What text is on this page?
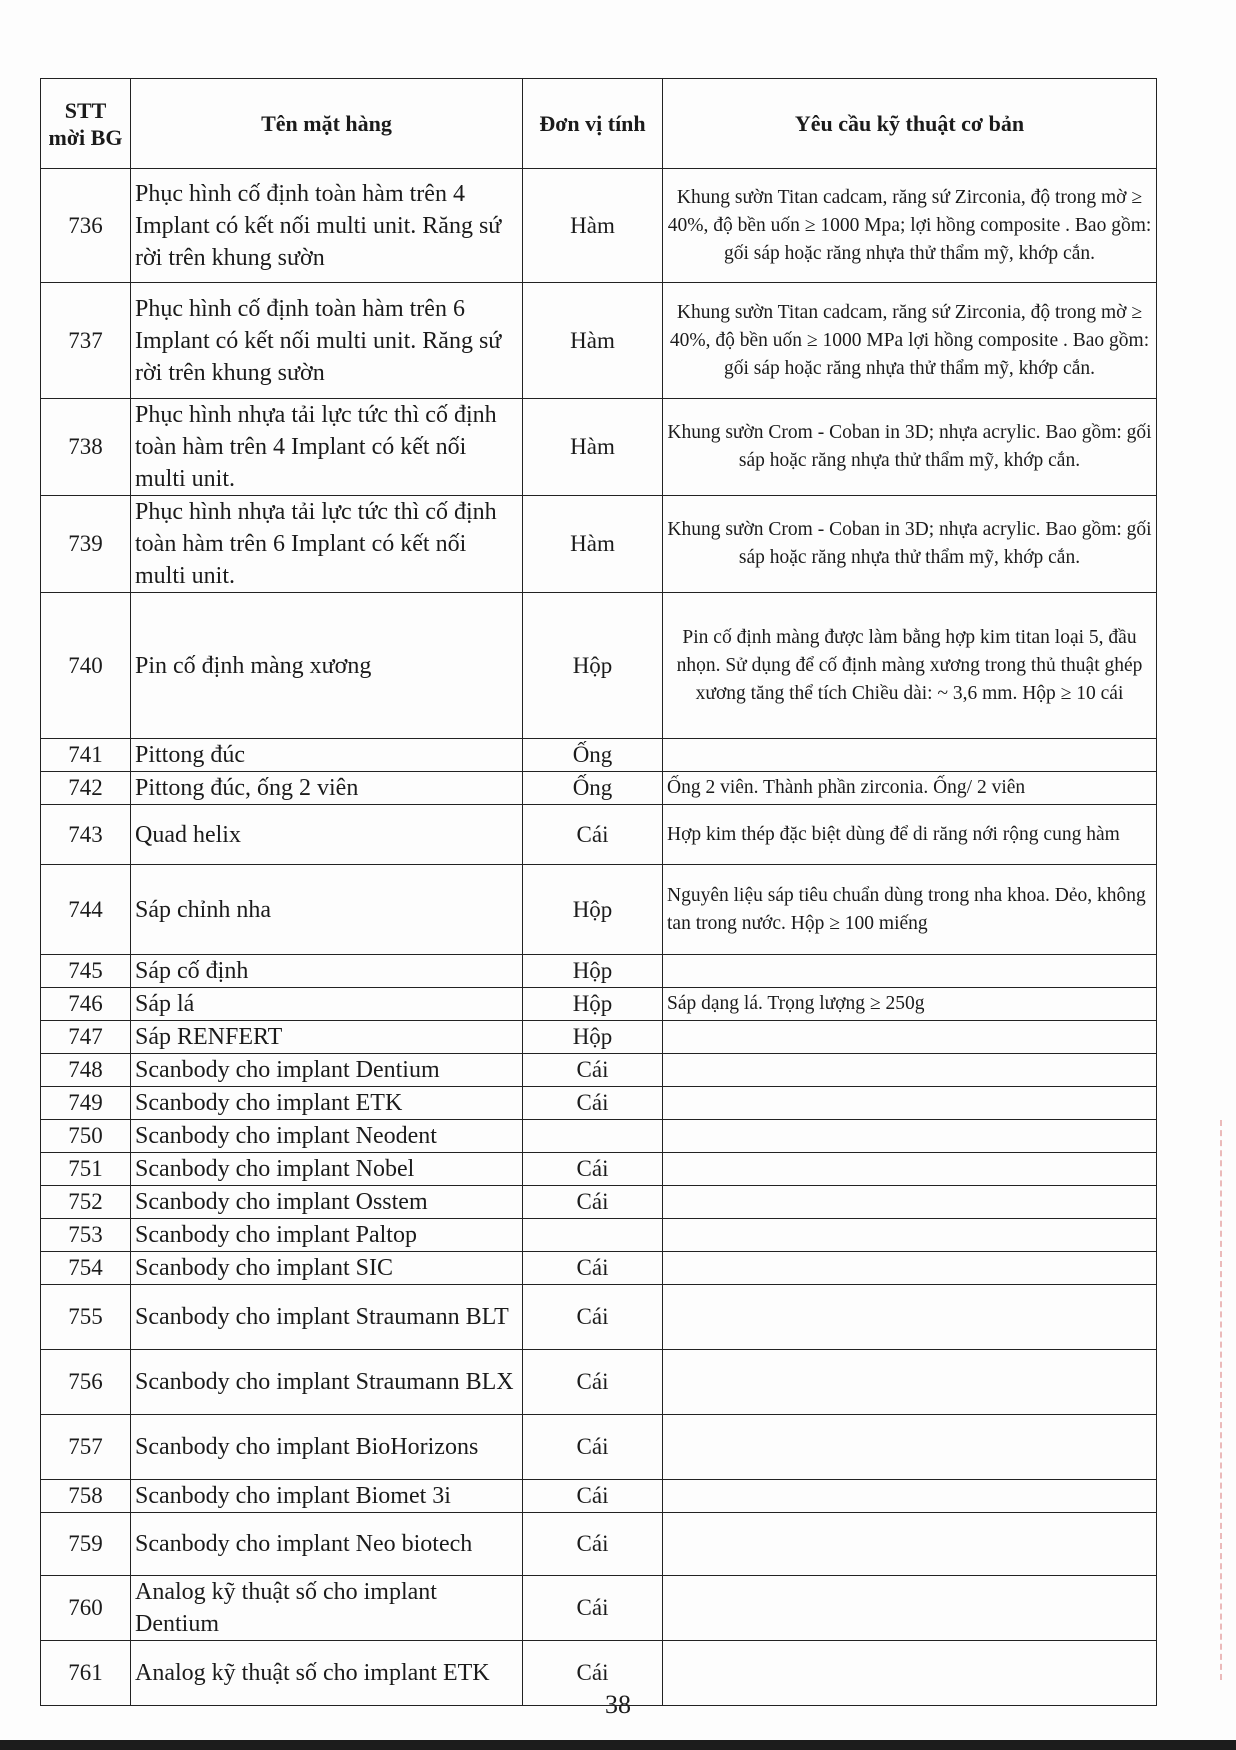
STT mời BG	Tên mặt hàng	Đơn vị tính	Yêu cầu kỹ thuật cơ bản
736	Phục hình cố định toàn hàm trên 4 Implant có kết nối multi unit. Răng sứ rời trên khung sườn	Hàm	Khung sườn Titan cadcam, răng sứ Zirconia, độ trong mờ ≥ 40%, độ bền uốn ≥ 1000 Mpa; lợi hồng composite . Bao gồm: gối sáp hoặc răng nhựa thử thẩm mỹ, khớp cắn.
737	Phục hình cố định toàn hàm trên 6 Implant có kết nối multi unit. Răng sứ rời trên khung sườn	Hàm	Khung sườn Titan cadcam, răng sứ Zirconia, độ trong mờ ≥ 40%, độ bền uốn ≥ 1000 MPa lợi hồng composite . Bao gồm: gối sáp hoặc răng nhựa thử thẩm mỹ, khớp cắn.
738	Phục hình nhựa tải lực tức thì cố định toàn hàm trên 4 Implant có kết nối multi unit.	Hàm	Khung sườn Crom - Coban in 3D; nhựa acrylic. Bao gồm: gối sáp hoặc răng nhựa thử thẩm mỹ, khớp cắn.
739	Phục hình nhựa tải lực tức thì cố định toàn hàm trên 6 Implant có kết nối multi unit.	Hàm	Khung sườn Crom - Coban in 3D; nhựa acrylic. Bao gồm: gối sáp hoặc răng nhựa thử thẩm mỹ, khớp cắn.
740	Pin cố định màng xương	Hộp	Pin cố định màng được làm bằng hợp kim titan loại 5, đầu nhọn. Sử dụng để cố định màng xương trong thủ thuật ghép xương tăng thể tích Chiều dài: ~ 3,6 mm. Hộp ≥ 10 cái
741	Pittong đúc	Ống	
742	Pittong đúc, ống 2 viên	Ống	Ống 2 viên. Thành phần zirconia. Ống/ 2 viên
743	Quad helix	Cái	Hợp kim thép đặc biệt dùng để di răng nới rộng cung hàm
744	Sáp chỉnh nha	Hộp	Nguyên liệu sáp tiêu chuẩn dùng trong nha khoa. Dẻo, không tan trong nước. Hộp ≥ 100 miếng
745	Sáp cố định	Hộp	
746	Sáp lá	Hộp	Sáp dạng lá. Trọng lượng ≥ 250g
747	Sáp RENFERT	Hộp	
748	Scanbody cho implant Dentium	Cái	
749	Scanbody cho implant ETK	Cái	
750	Scanbody cho implant Neodent		
751	Scanbody cho implant Nobel	Cái	
752	Scanbody cho implant Osstem	Cái	
753	Scanbody cho implant Paltop		
754	Scanbody cho implant SIC	Cái	
755	Scanbody cho implant Straumann BLT	Cái	
756	Scanbody cho implant Straumann BLX	Cái	
757	Scanbody cho implant BioHorizons	Cái	
758	Scanbody cho implant Biomet 3i	Cái	
759	Scanbody cho implant Neo biotech	Cái	
760	Analog kỹ thuật số cho implant Dentium	Cái	
761	Analog kỹ thuật số cho implant ETK	Cái	
38
